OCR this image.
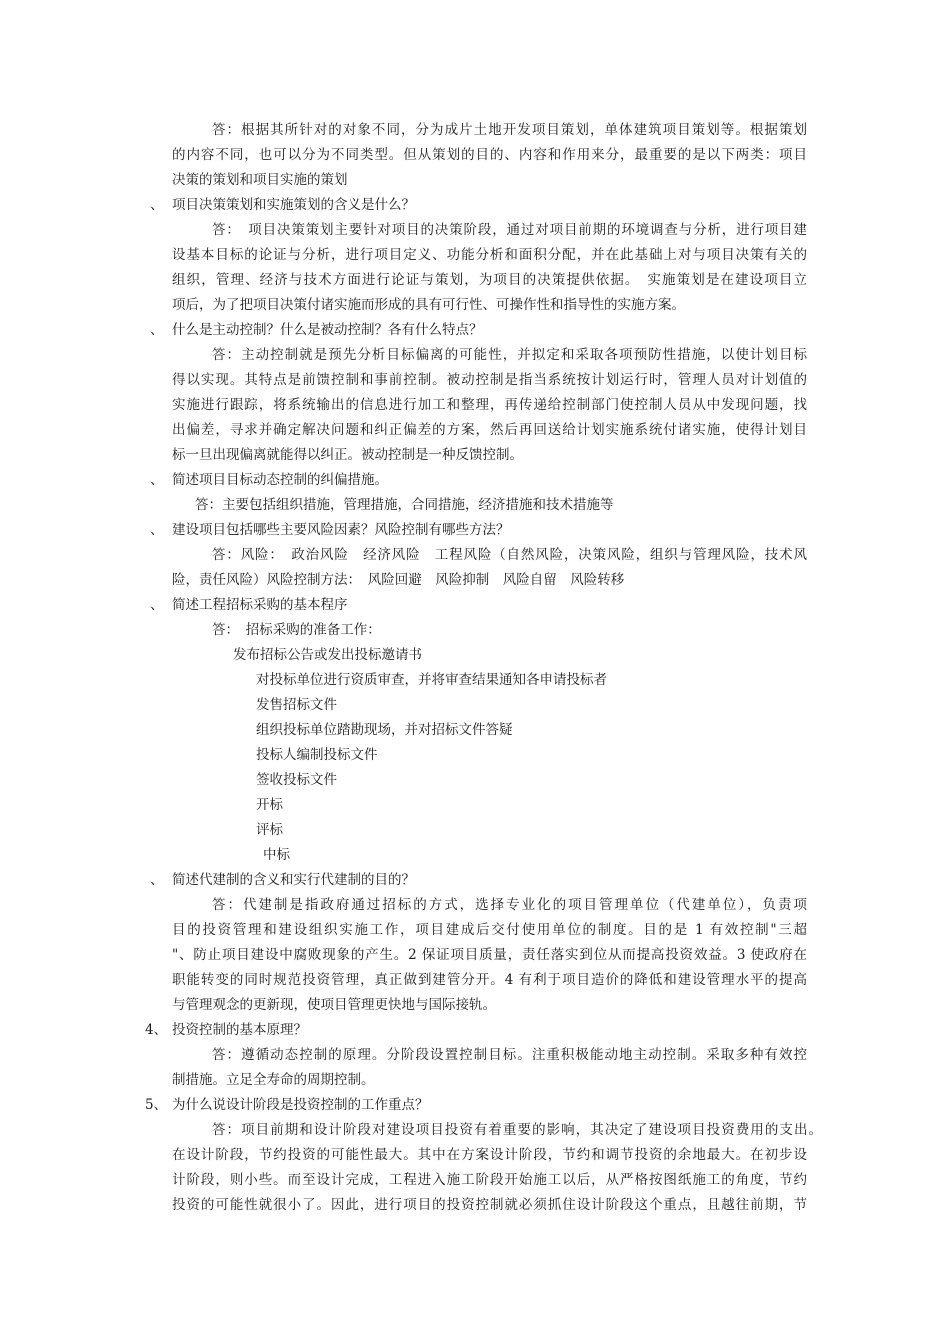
答：根据其所针对的对象不同，分为成片土地开发项目策划，单体建筑项目策划等。根据策划
的内容不同，也可以分为不同类型。但从策划的目的、内容和作用来分，最重要的是以下两类：项目
决策的策划和项目实施的策划
、 项目决策策划和实施策划的含义是什么？
答：　项目决策策划主要针对项目的决策阶段，通过对项目前期的环境调查与分析，进行项目建
设基本目标的论证与分析，进行项目定义、功能分析和面积分配，并在此基础上对与项目决策有关的
组织，管理、经济与技术方面进行论证与策划，为项目的决策提供依据。　实施策划是在建设项目立
项后，为了把项目决策付诸实施而形成的具有可行性、可操作性和指导性的实施方案。
、 什么是主动控制？什么是被动控制？各有什么特点？
答：主动控制就是预先分析目标偏离的可能性，并拟定和采取各项预防性措施，以使计划目标
得以实现。其特点是前馈控制和事前控制。被动控制是指当系统按计划运行时，管理人员对计划值的
实施进行跟踪，将系统输出的信息进行加工和整理，再传递给控制部门使控制人员从中发现问题，找
出偏差，寻求并确定解决问题和纠正偏差的方案，然后再回送给计划实施系统付诸实施，使得计划目
标一旦出现偏离就能得以纠正。被动控制是一种反馈控制。
、 简述项目目标动态控制的纠偏措施。
答：主要包括组织措施，管理措施，合同措施，经济措施和技术措施等
、 建设项目包括哪些主要风险因素？风险控制有哪些方法？
答：风险：　政治风险　经济风险　工程风险（自然风险，决策风险，组织与管理风险，技术风
险，责任风险）风险控制方法：　风险回避　风险抑制　风险自留　风险转移
、 简述工程招标采购的基本程序
答：　招标采购的准备工作：
发布招标公告或发出投标邀请书
对投标单位进行资质审查，并将审查结果通知各申请投标者
发售招标文件
组织投标单位踏勘现场，并对招标文件答疑
投标人编制投标文件
签收投标文件
开标
评标
中标
、 简述代建制的含义和实行代建制的目的？
答：代建制是指政府通过招标的方式，选择专业化的项目管理单位（代建单位），负责项
目的投资管理和建设组织实施工作，项目建成后交付使用单位的制度。目的是 1 有效控制"三超
"、防止项目建设中腐败现象的产生。2 保证项目质量，责任落实到位从而提高投资效益。3 使政府在
职能转变的同时规范投资管理，真正做到建管分开。4 有利于项目造价的降低和建设管理水平的提高
与管理观念的更新现，使项目管理更快地与国际接轨。
4、 投资控制的基本原理？
答：遵循动态控制的原理。分阶段设置控制目标。注重积极能动地主动控制。采取多种有效控
制措施。立足全寿命的周期控制。
5、 为什么说设计阶段是投资控制的工作重点？
答：项目前期和设计阶段对建设项目投资有着重要的影响，其决定了建设项目投资费用的支出。
在设计阶段，节约投资的可能性最大。其中在方案设计阶段，节约和调节投资的余地最大。在初步设
计阶段，则小些。而至设计完成，工程进入施工阶段开始施工以后，从严格按图纸施工的角度，节约
投资的可能性就很小了。因此，进行项目的投资控制就必须抓住设计阶段这个重点，且越往前期，节
